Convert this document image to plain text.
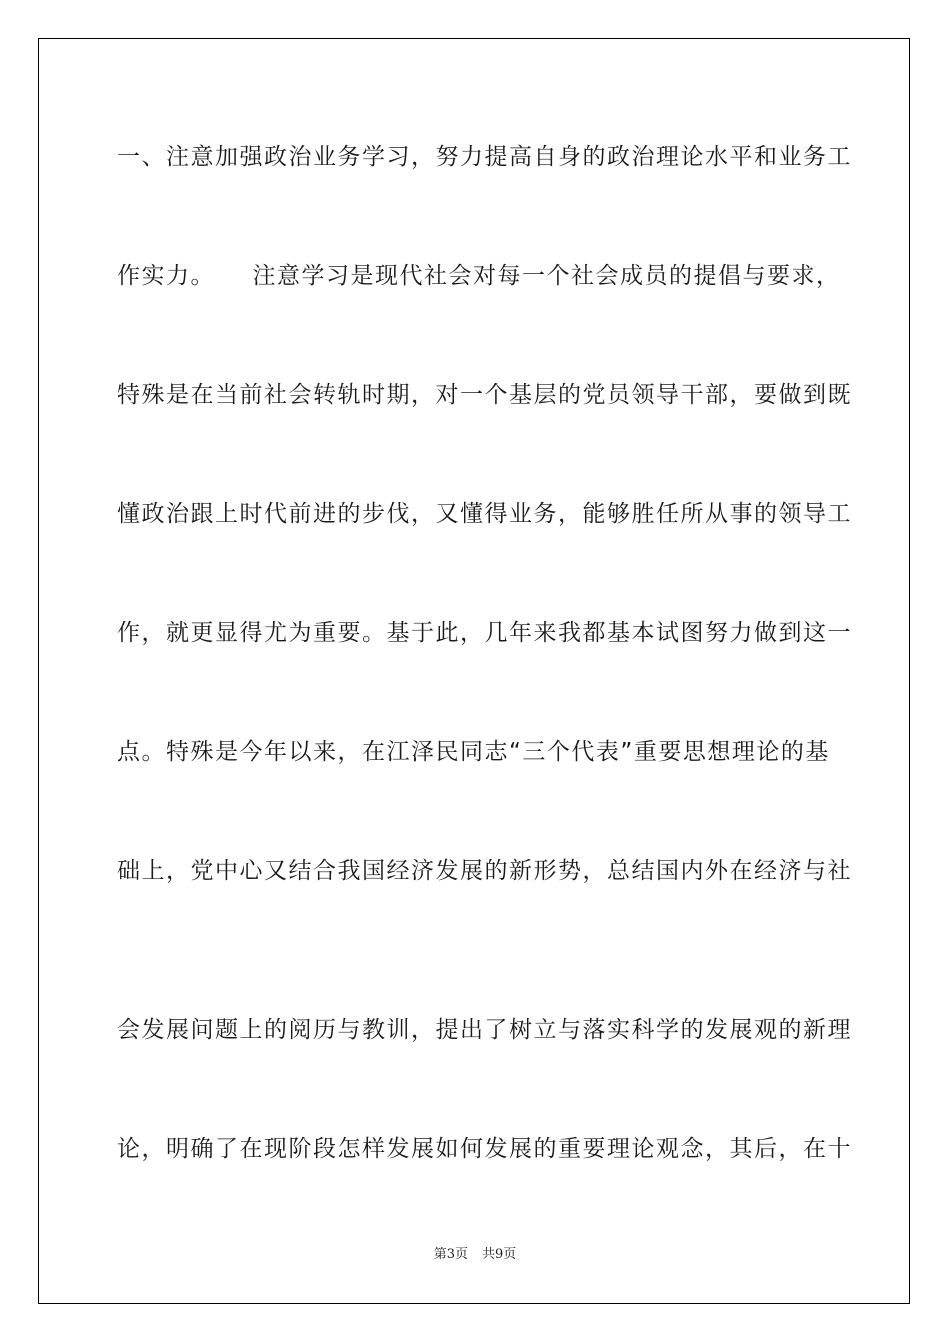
一、注意加强政治业务学习，努力提高自身的政治理论水平和业务工
作实力。　　注意学习是现代社会对每一个社会成员的提倡与要求，
特殊是在当前社会转轨时期，对一个基层的党员领导干部，要做到既
懂政治跟上时代前进的步伐，又懂得业务，能够胜任所从事的领导工
作，就更显得尤为重要。基于此，几年来我都基本试图努力做到这一
点。特殊是今年以来，在江泽民同志“三个代表”重要思想理论的基
础上，党中心又结合我国经济发展的新形势，总结国内外在经济与社
会发展问题上的阅历与教训，提出了树立与落实科学的发展观的新理
论，明确了在现阶段怎样发展如何发展的重要理论观念，其后，在十
第3页 共9页
